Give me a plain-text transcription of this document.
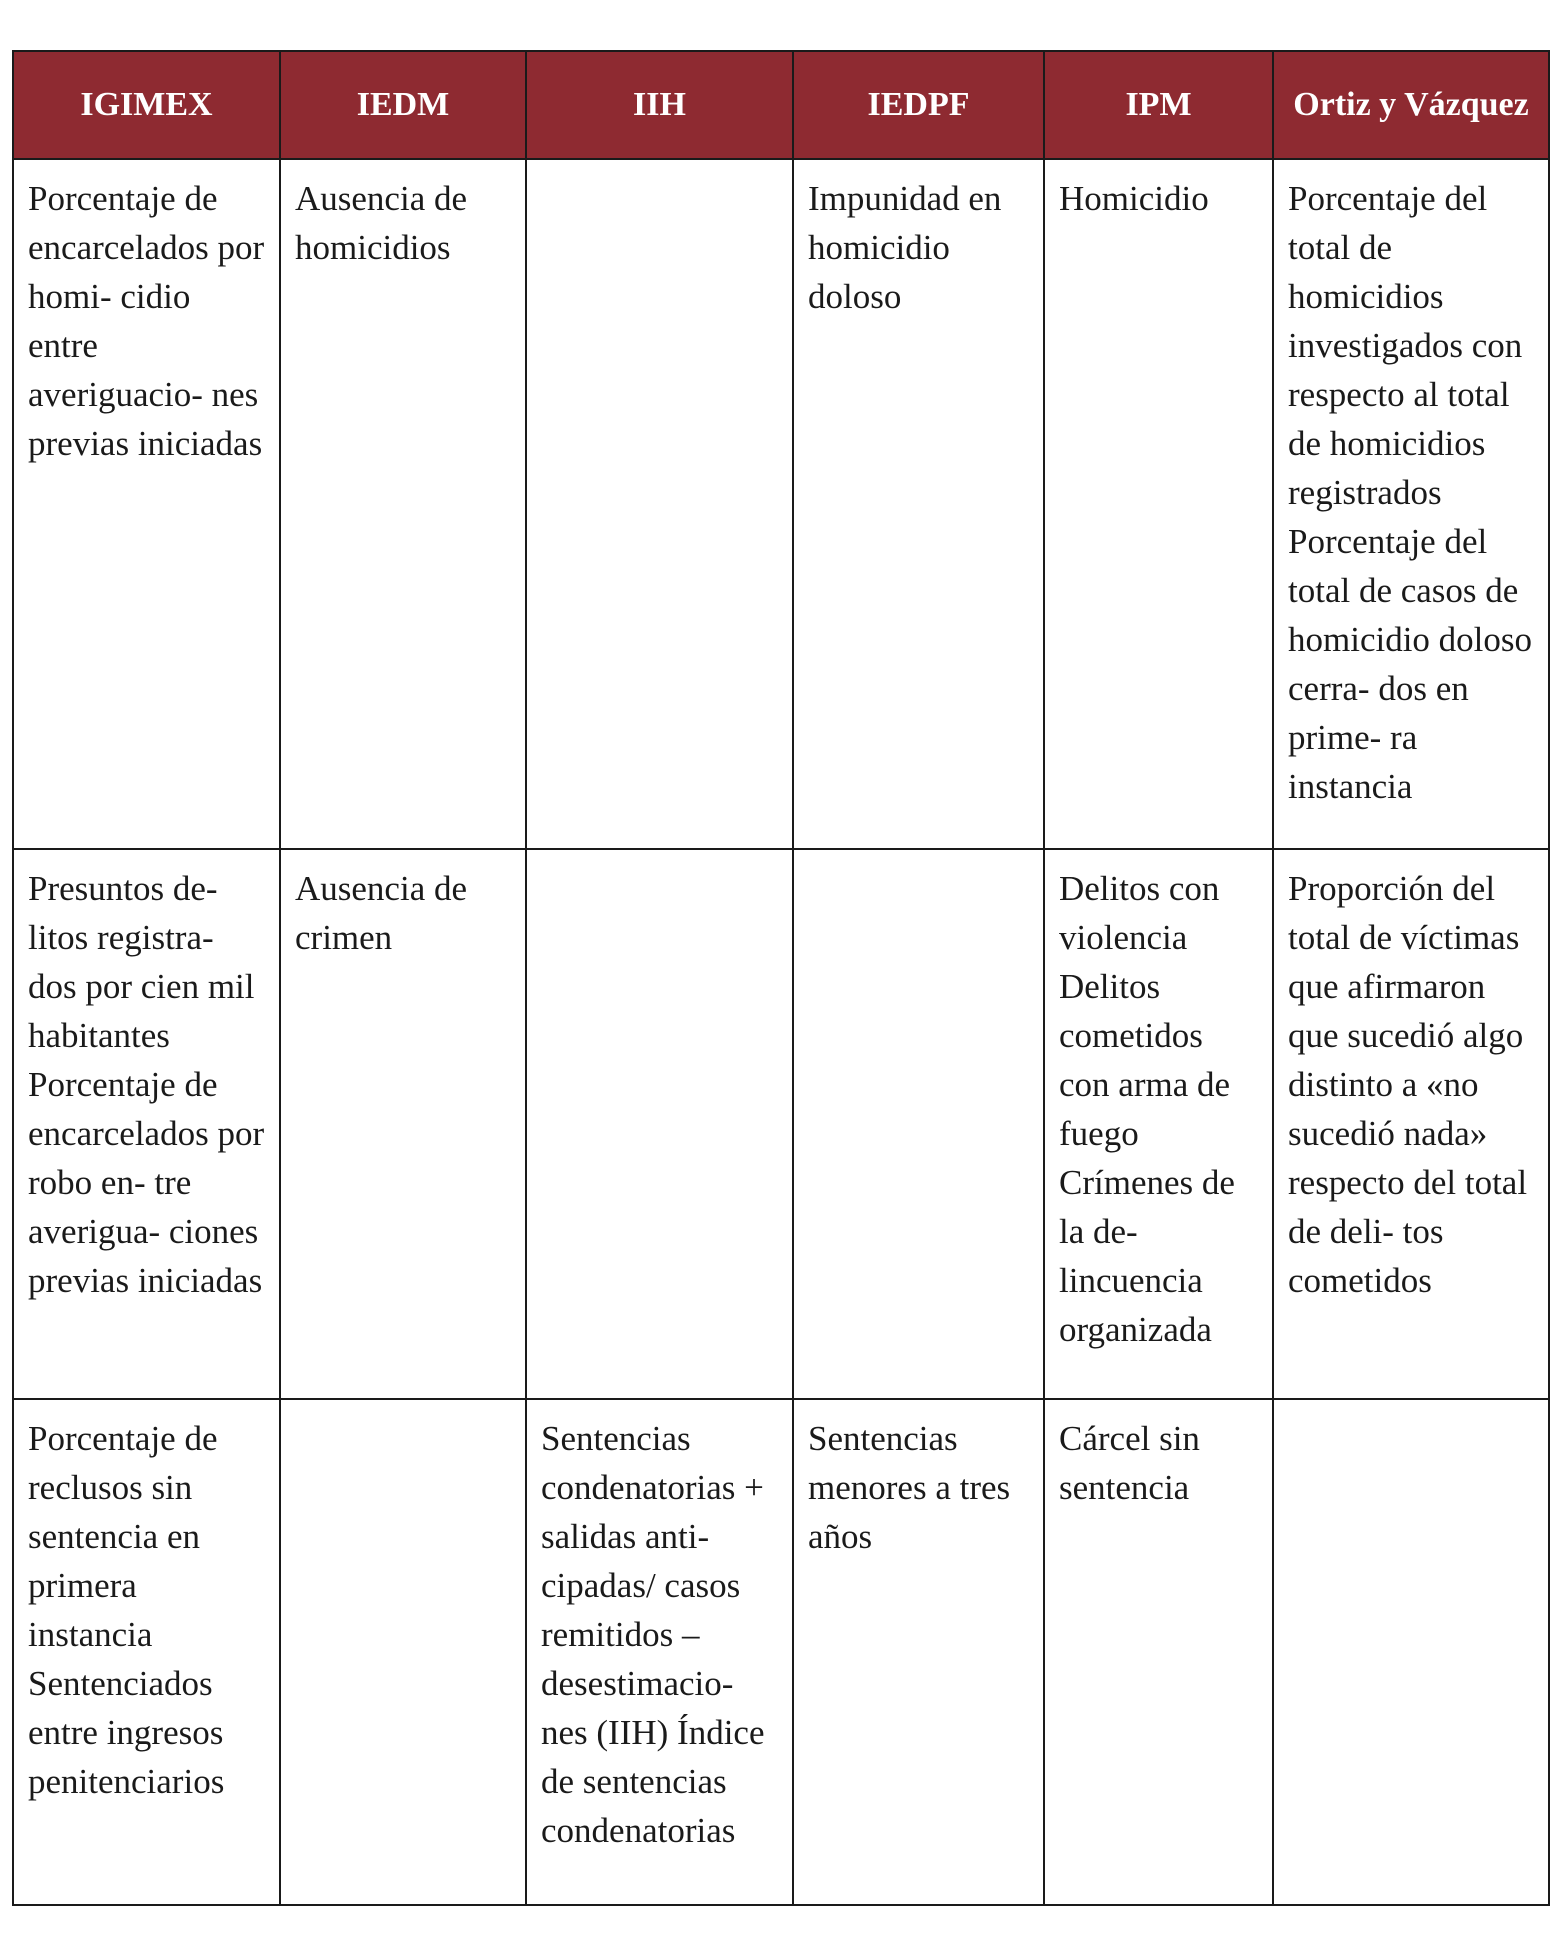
IGIMEX	IEDM	IIH	IEDPF	IPM	Ortiz y Vázquez
Porcentaje de encarcelados por homi- cidio entre averiguacio- nes previas iniciadas	Ausencia de homicidios		Impunidad en homicidio doloso	Homicidio	Porcentaje del total de homicidios investigados con respecto al total de homicidios registrados Porcentaje del total de casos de homicidio doloso cerra- dos en prime- ra instancia
Presuntos de- litos registra- dos por cien mil habitantes Porcentaje de encarcelados por robo en- tre averigua- ciones previas iniciadas	Ausencia de crimen			Delitos con violencia Delitos cometidos con arma de fuego Crímenes de la de- lincuencia organizada	Proporción del total de víctimas que afirmaron que sucedió algo distinto a «no sucedió nada» respecto del total de deli- tos cometidos
Porcentaje de reclusos sin sentencia en primera instancia Sentenciados entre ingresos penitenciarios		Sentencias condenatorias + salidas anti- cipadas/ casos remitidos – desestimacio- nes (IIH) Índice de sentencias condenatorias	Sentencias menores a tres años	Cárcel sin sentencia	
